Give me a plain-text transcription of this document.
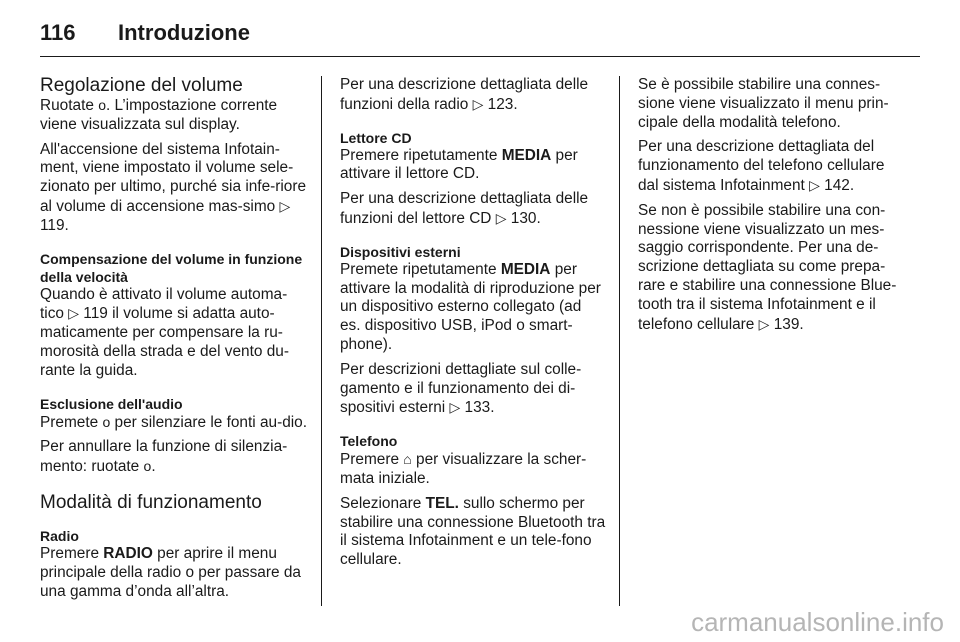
116 Introduzione
Regolazione del volume
Ruotate ᴏ. L’impostazione corrente viene visualizzata sul display.
All'accensione del sistema Infotain-ment, viene impostato il volume sele-zionato per ultimo, purché sia infe-riore al volume di accensione mas-simo ▷ 119.
Compensazione del volume in funzione della velocità
Quando è attivato il volume automa-tico ▷ 119 il volume si adatta auto-maticamente per compensare la ru-morosità della strada e del vento du-rante la guida.
Esclusione dell'audio
Premete ᴏ per silenziare le fonti au-dio.
Per annullare la funzione di silenzia-mento: ruotate ᴏ.
Modalità di funzionamento
Radio
Premere RADIO per aprire il menu principale della radio o per passare da una gamma d’onda all’altra.
Per una descrizione dettagliata delle funzioni della radio ▷ 123.
Lettore CD
Premere ripetutamente MEDIA per attivare il lettore CD.
Per una descrizione dettagliata delle funzioni del lettore CD ▷ 130.
Dispositivi esterni
Premete ripetutamente MEDIA per attivare la modalità di riproduzione per un dispositivo esterno collegato (ad es. dispositivo USB, iPod o smart-phone).
Per descrizioni dettagliate sul colle-gamento e il funzionamento dei di-spositivi esterni ▷ 133.
Telefono
Premere ⌂ per visualizzare la scher-mata iniziale.
Selezionare TEL. sullo schermo per stabilire una connessione Bluetooth tra il sistema Infotainment e un tele-fono cellulare.
Se è possibile stabilire una connes-sione viene visualizzato il menu prin-cipale della modalità telefono.
Per una descrizione dettagliata del funzionamento del telefono cellulare dal sistema Infotainment ▷ 142.
Se non è possibile stabilire una con-nessione viene visualizzato un mes-saggio corrispondente. Per una de-scrizione dettagliata su come prepa-rare e stabilire una connessione Blue-tooth tra il sistema Infotainment e il telefono cellulare ▷ 139.
carmanualsonline.info
